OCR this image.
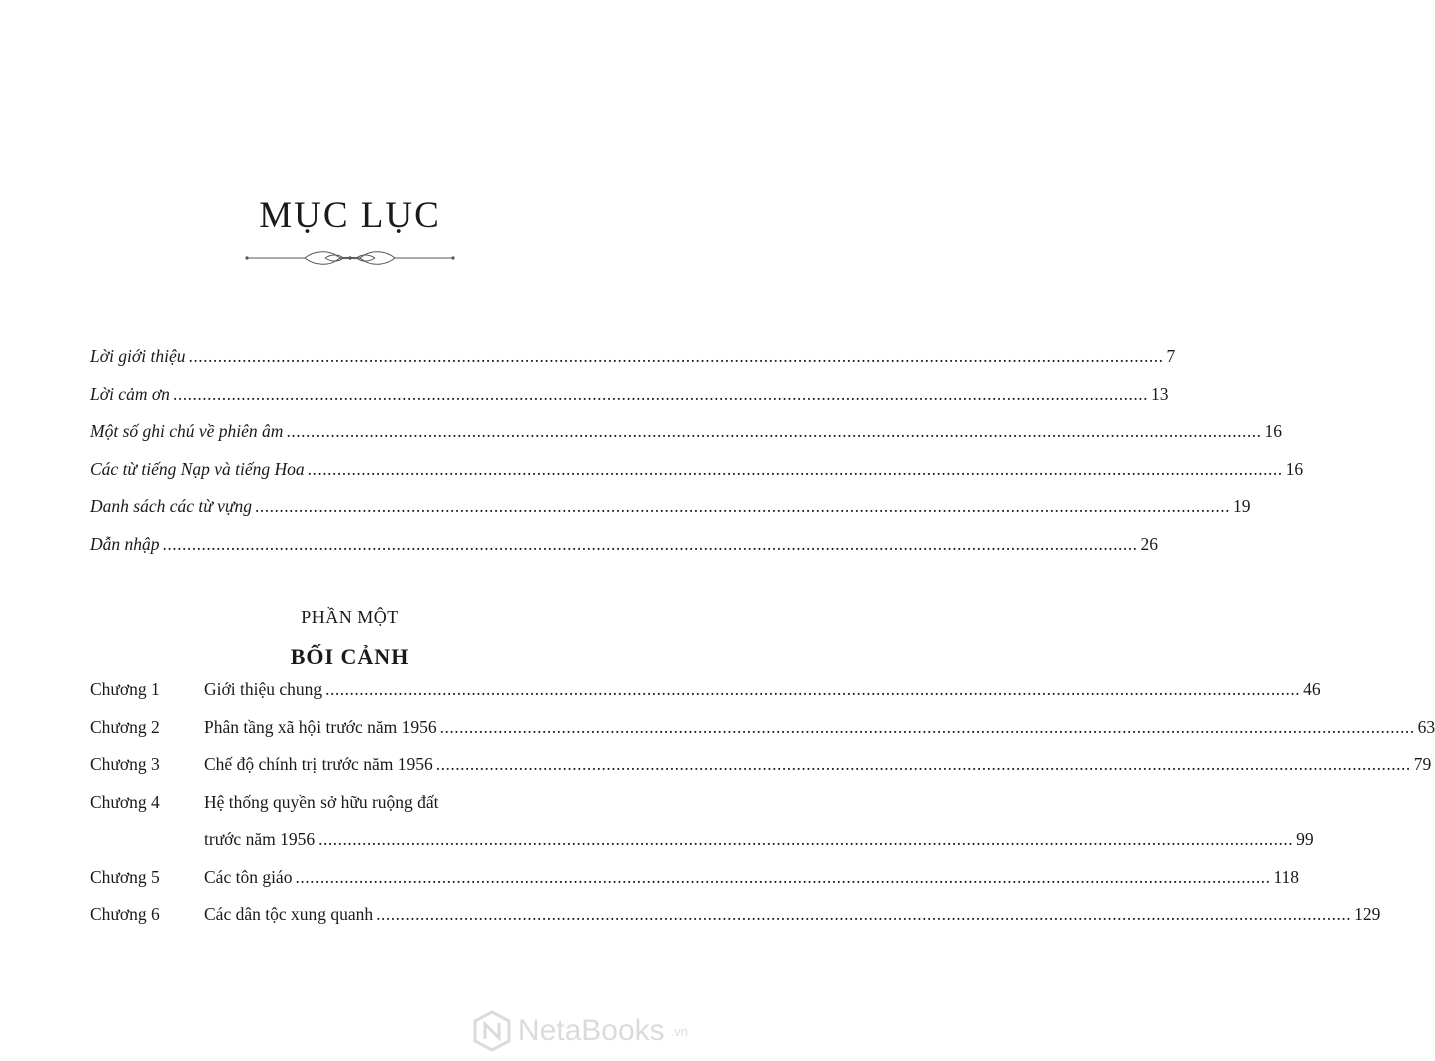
MỤC LỤC
Lời giới thiệu .....	7
Lời cảm ơn .....	13
Một số ghi chú về phiên âm .....	16
Các từ tiếng Nạp và tiếng Hoa .....	16
Danh sách các từ vựng .....	19
Dẫn nhập .....	26
PHẦN MỘT
BỐI CẢNH
Chương 1	Giới thiệu chung .....	46
Chương 2	Phân tầng xã hội trước năm 1956 .....	63
Chương 3	Chế độ chính trị trước năm 1956 .....	79
Chương 4	Hệ thống quyền sở hữu ruộng đất
trước năm 1956 .....	99
Chương 5	Các tôn giáo .....	118
Chương 6	Các dân tộc xung quanh .....	129
NetaBooks .vn
